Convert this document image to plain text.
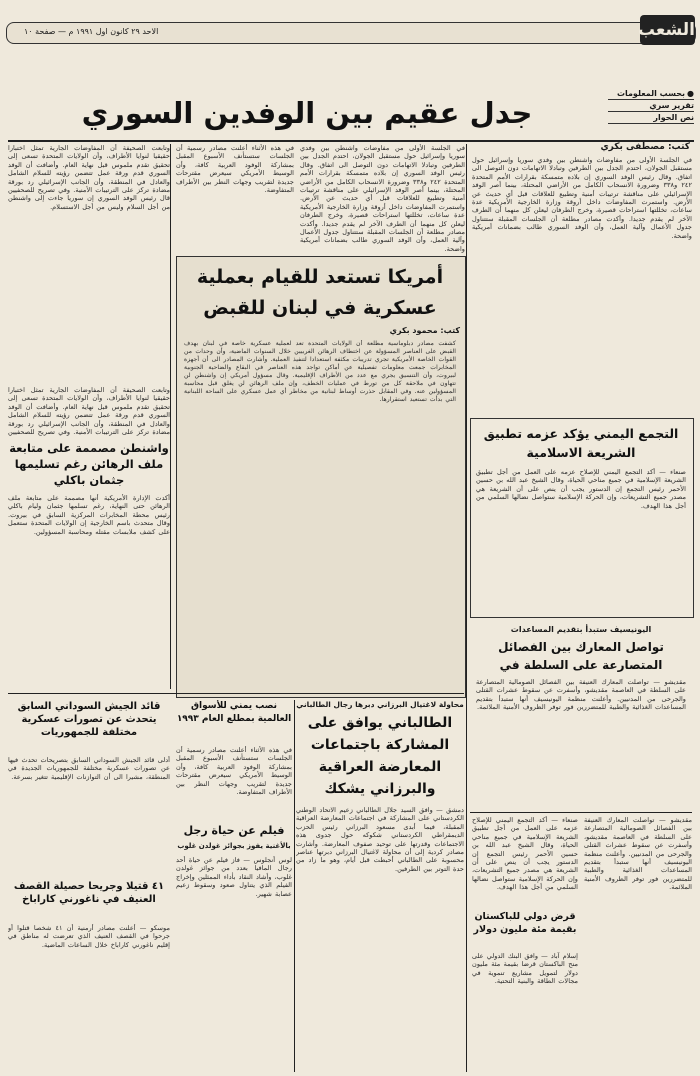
الاحد ٢٩ كانون اول ١٩٩١ م — صفحة ١٠	الشعب
● بحسب المعلومات
تقرير سري
نص الحوار
جدل عقيم بين الوفدين السوري
كتب: مصطفى بكري
في الجلسة الأولى من مفاوضات واشنطن بين وفدي سوريا وإسرائيل حول مستقبل الجولان، احتدم الجدل بين الطرفين وتبادلا الاتهامات دون التوصل الى اتفاق. وقال رئيس الوفد السوري إن بلاده متمسكة بقرارات الأمم المتحدة ٢٤٢ و٣٣٨ وضرورة الانسحاب الكامل من الأراضي المحتلة، بينما أصر الوفد الإسرائيلي على مناقشة ترتيبات أمنية وتطبيع للعلاقات قبل أي حديث عن الأرض. واستمرت المفاوضات داخل أروقة وزارة الخارجية الأمريكية عدة ساعات، تخللتها استراحات قصيرة، وخرج الطرفان ليعلن كل منهما أن الطرف الآخر لم يقدم جديدا. وأكدت مصادر مطلعة أن الجلسات المقبلة ستتناول جدول الأعمال وآلية العمل، وأن الوفد السوري طالب بضمانات أمريكية واضحة.
في الجلسة الأولى من مفاوضات واشنطن بين وفدي سوريا وإسرائيل حول مستقبل الجولان، احتدم الجدل بين الطرفين وتبادلا الاتهامات دون التوصل الى اتفاق. وقال رئيس الوفد السوري إن بلاده متمسكة بقرارات الأمم المتحدة ٢٤٢ و٣٣٨ وضرورة الانسحاب الكامل من الأراضي المحتلة، بينما أصر الوفد الإسرائيلي على مناقشة ترتيبات أمنية وتطبيع للعلاقات قبل أي حديث عن الأرض. واستمرت المفاوضات داخل أروقة وزارة الخارجية الأمريكية عدة ساعات، تخللتها استراحات قصيرة، وخرج الطرفان ليعلن كل منهما أن الطرف الآخر لم يقدم جديدا. وأكدت مصادر مطلعة أن الجلسات المقبلة ستتناول جدول الأعمال وآلية العمل، وأن الوفد السوري طالب بضمانات أمريكية واضحة.
في هذه الأثناء أعلنت مصادر رسمية أن الجلسات ستستأنف الأسبوع المقبل بمشاركة الوفود العربية كافة، وأن الوسيط الأمريكي سيعرض مقترحات جديدة لتقريب وجهات النظر بين الأطراف المتفاوضة.
وتابعت الصحيفة أن المفاوضات الجارية تمثل اختبارا حقيقيا لنوايا الأطراف، وأن الولايات المتحدة تسعى إلى تحقيق تقدم ملموس قبل نهاية العام. وأضافت أن الوفد السوري قدم ورقة عمل تتضمن رؤيته للسلام الشامل والعادل في المنطقة، وأن الجانب الإسرائيلي رد بورقة مضادة تركز على الترتيبات الأمنية. وفي تصريح للصحفيين قال رئيس الوفد السوري إن سوريا جاءت إلى واشنطن من أجل السلام وليس من أجل الاستسلام.
وتابعت الصحيفة أن المفاوضات الجارية تمثل اختبارا حقيقيا لنوايا الأطراف، وأن الولايات المتحدة تسعى إلى تحقيق تقدم ملموس قبل نهاية العام. وأضافت أن الوفد السوري قدم ورقة عمل تتضمن رؤيته للسلام الشامل والعادل في المنطقة، وأن الجانب الإسرائيلي رد بورقة مضادة تركز على الترتيبات الأمنية. وفي تصريح للصحفيين
أمريكا تستعد للقيام بعملية عسكرية في لبنان للقبض
كتب: محمود بكري
كشفت مصادر دبلوماسية مطلعة أن الولايات المتحدة تعد لعملية عسكرية خاصة في لبنان بهدف القبض على العناصر المسؤولة عن اختطاف الرهائن الغربيين خلال السنوات الماضية، وأن وحدات من القوات الخاصة الأمريكية تجري تدريبات مكثفة استعدادا لتنفيذ العملية. وأشارت المصادر الى أن أجهزة المخابرات جمعت معلومات تفصيلية عن أماكن تواجد هذه العناصر في البقاع والضاحية الجنوبية لبيروت، وأن التنسيق يجري مع عدد من الأطراف الإقليمية. وقال مسؤول أمريكي إن واشنطن لن تتهاون في ملاحقة كل من تورط في عمليات الخطف، وإن ملف الرهائن لن يغلق قبل محاسبة المسؤولين عنه. وفي المقابل حذرت أوساط لبنانية من مخاطر أي عمل عسكري على الساحة اللبنانية التي بدأت تستعيد استقرارها.
التجمع اليمني يؤكد عزمه تطبيق الشريعة الاسلامية
صنعاء — أكد التجمع اليمني للإصلاح عزمه على العمل من أجل تطبيق الشريعة الإسلامية في جميع مناحي الحياة، وقال الشيخ عبد الله بن حسين الأحمر رئيس التجمع إن الدستور يجب أن ينص على أن الشريعة هي مصدر جميع التشريعات، وإن الحركة الإسلامية ستواصل نضالها السلمي من أجل هذا الهدف.
اليونيسيف ستبدأ بتقديم المساعدات
تواصل المعارك بين الفصائل المتصارعة على السلطة في
مقديشو — تواصلت المعارك العنيفة بين الفصائل الصومالية المتصارعة على السلطة في العاصمة مقديشو، وأسفرت عن سقوط عشرات القتلى والجرحى من المدنيين. وأعلنت منظمة اليونيسيف أنها ستبدأ بتقديم المساعدات الغذائية والطبية للمتضررين فور توفر الظروف الأمنية الملائمة.
واشنطن مصممة على متابعة ملف الرهائن رغم تسليمها جثمان باكلي
أكدت الإدارة الأمريكية أنها مصممة على متابعة ملف الرهائن حتى النهاية، رغم تسلمها جثمان وليام باكلي رئيس محطة المخابرات المركزية السابق في بيروت. وقال متحدث باسم الخارجية إن الولايات المتحدة ستعمل على كشف ملابسات مقتله ومحاسبة المسؤولين.
قائد الجيش السوداني السابق يتحدث عن تصورات عسكرية مختلفة للجمهوريات
أدلى قائد الجيش السوداني السابق بتصريحات تحدث فيها عن تصورات عسكرية مختلفة للجمهوريات الجديدة في المنطقة، مشيرا الى أن التوازنات الإقليمية تتغير بسرعة.
٤١ قتيلا وجريحا حصيلة القصف العنيف في ناغورني كاراباخ
موسكو — أعلنت مصادر أرمنية أن ٤١ شخصا قتلوا أو جرحوا في القصف العنيف الذي تعرضت له مناطق في إقليم ناغورني كاراباخ خلال الساعات الماضية.
نصب يمني للأسواق العالمية بمطلع العام ١٩٩٣
محاولة لاغتيال البرزاني دبرها رجال الطالباني
الطالباني يوافق على المشاركة باجتماعات المعارضة العراقية والبرزاني يشكك
دمشق — وافق السيد جلال الطالباني زعيم الاتحاد الوطني الكردستاني على المشاركة في اجتماعات المعارضة العراقية المقبلة، فيما أبدى مسعود البرزاني رئيس الحزب الديمقراطي الكردستاني شكوكه حول جدوى هذه الاجتماعات وقدرتها على توحيد صفوف المعارضة. وأشارت مصادر كردية إلى أن محاولة لاغتيال البرزاني دبرتها عناصر محسوبة على الطالباني أحبطت قبل أيام، وهو ما زاد من حدة التوتر بين الطرفين.
في هذه الأثناء أعلنت مصادر رسمية أن الجلسات ستستأنف الأسبوع المقبل بمشاركة الوفود العربية كافة، وأن الوسيط الأمريكي سيعرض مقترحات جديدة لتقريب وجهات النظر بين الأطراف المتفاوضة.
فيلم عن حياة رجل
بالأغنية يفوز بجوائز غولدن غلوب
لوس أنجلوس — فاز فيلم عن حياة أحد رجال المافيا بعدد من جوائز غولدن غلوب، وأشاد النقاد بأداء الممثلين وإخراج الفيلم الذي يتناول صعود وسقوط زعيم عصابة شهير.
قرض دولي للباكستان بقيمة مئة مليون دولار
إسلام آباد — وافق البنك الدولي على منح الباكستان قرضا بقيمة مئة مليون دولار لتمويل مشاريع تنموية في مجالات الطاقة والبنية التحتية.
مقديشو — تواصلت المعارك العنيفة بين الفصائل الصومالية المتصارعة على السلطة في العاصمة مقديشو، وأسفرت عن سقوط عشرات القتلى والجرحى من المدنيين. وأعلنت منظمة اليونيسيف أنها ستبدأ بتقديم المساعدات الغذائية والطبية للمتضررين فور توفر الظروف الأمنية الملائمة.
صنعاء — أكد التجمع اليمني للإصلاح عزمه على العمل من أجل تطبيق الشريعة الإسلامية في جميع مناحي الحياة، وقال الشيخ عبد الله بن حسين الأحمر رئيس التجمع إن الدستور يجب أن ينص على أن الشريعة هي مصدر جميع التشريعات، وإن الحركة الإسلامية ستواصل نضالها السلمي من أجل هذا الهدف.
